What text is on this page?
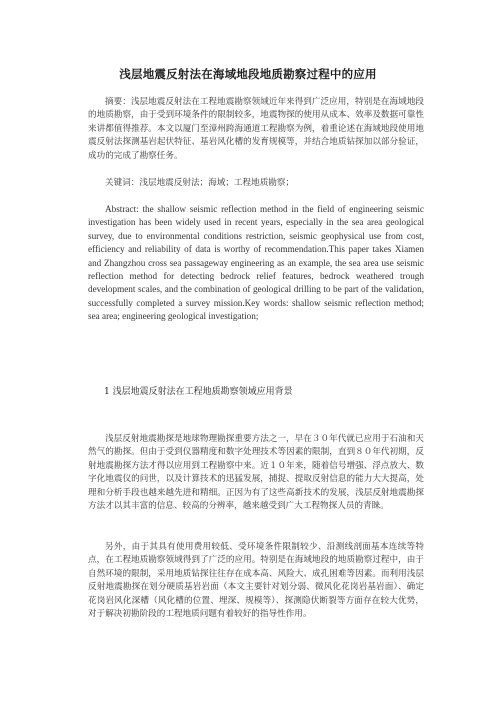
浅层地震反射法在海域地段地质勘察过程中的应用
摘要：浅层地震反射法在工程地震勘察领域近年来得到广泛应用，特别是在海域地段的地质勘察，由于受到环境条件的限制较多，地震物探的使用从成本、效率及数据可靠性来讲都值得推荐。本文以厦门至漳州跨海通道工程勘察为例，着重论述在海域地段使用地震反射法探测基岩起伏特征、基岩风化槽的发育规模等，并结合地质钻探加以部分验证，成功的完成了勘察任务。
关键词：浅层地震反射法；海域；工程地质勘察；
Abstract: the shallow seismic reflection method in the field of engineering seismic investigation has been widely used in recent years, especially in the sea area geological survey, due to environmental conditions restriction, seismic geophysical use from cost, efficiency and reliability of data is worthy of recommendation.This paper takes Xiamen and Zhangzhou cross sea passageway engineering as an example, the sea area use seismic reflection method for detecting bedrock relief features, bedrock weathered trough development scales, and the combination of geological drilling to be part of the validation, successfully completed a survey mission.Key words: shallow seismic reflection method; sea area; engineering geological investigation;
1 浅层地震反射法在工程地质勘察领域应用背景
浅层反射地震勘探是地球物理勘探重要方法之一，早在３０年代就已应用于石油和天然气的勘探。但由于受到仪器精度和数字处理技术等因素的限制，直到８０年代初期，反射地震勘探方法才得以应用到工程勘察中来。近１０年来，随着信号增强、浮点放大、数字化地震仪的问世，以及计算技术的迅猛发展，捕捉、提取反射信息的能力大大提高，处理和分析手段也越来越先进和精细。正因为有了这些高新技术的发展，浅层反射地震勘探方法才以其丰富的信息、较高的分辨率，越来越受到广大工程物探人员的青睐。
另外，由于其具有使用费用较低、受环境条件限制较少、沿测线剖面基本连续等特点，在工程地质勘察领域得到了广泛的应用。特别是在海域地段的地质勘察过程中，由于自然环境的限制，采用地质钻探往往存在成本高、风险大、成孔困难等因素。而利用浅层反射地震勘探在划分硬质基岩岩面（本文主要针对划分弱、微风化花岗岩基岩面）、确定花岗岩风化深槽（风化槽的位置、埋深、规模等）、探测隐伏断裂等方面存在较大优势，对于解决初勘阶段的工程地质问题有着较好的指导性作用。
